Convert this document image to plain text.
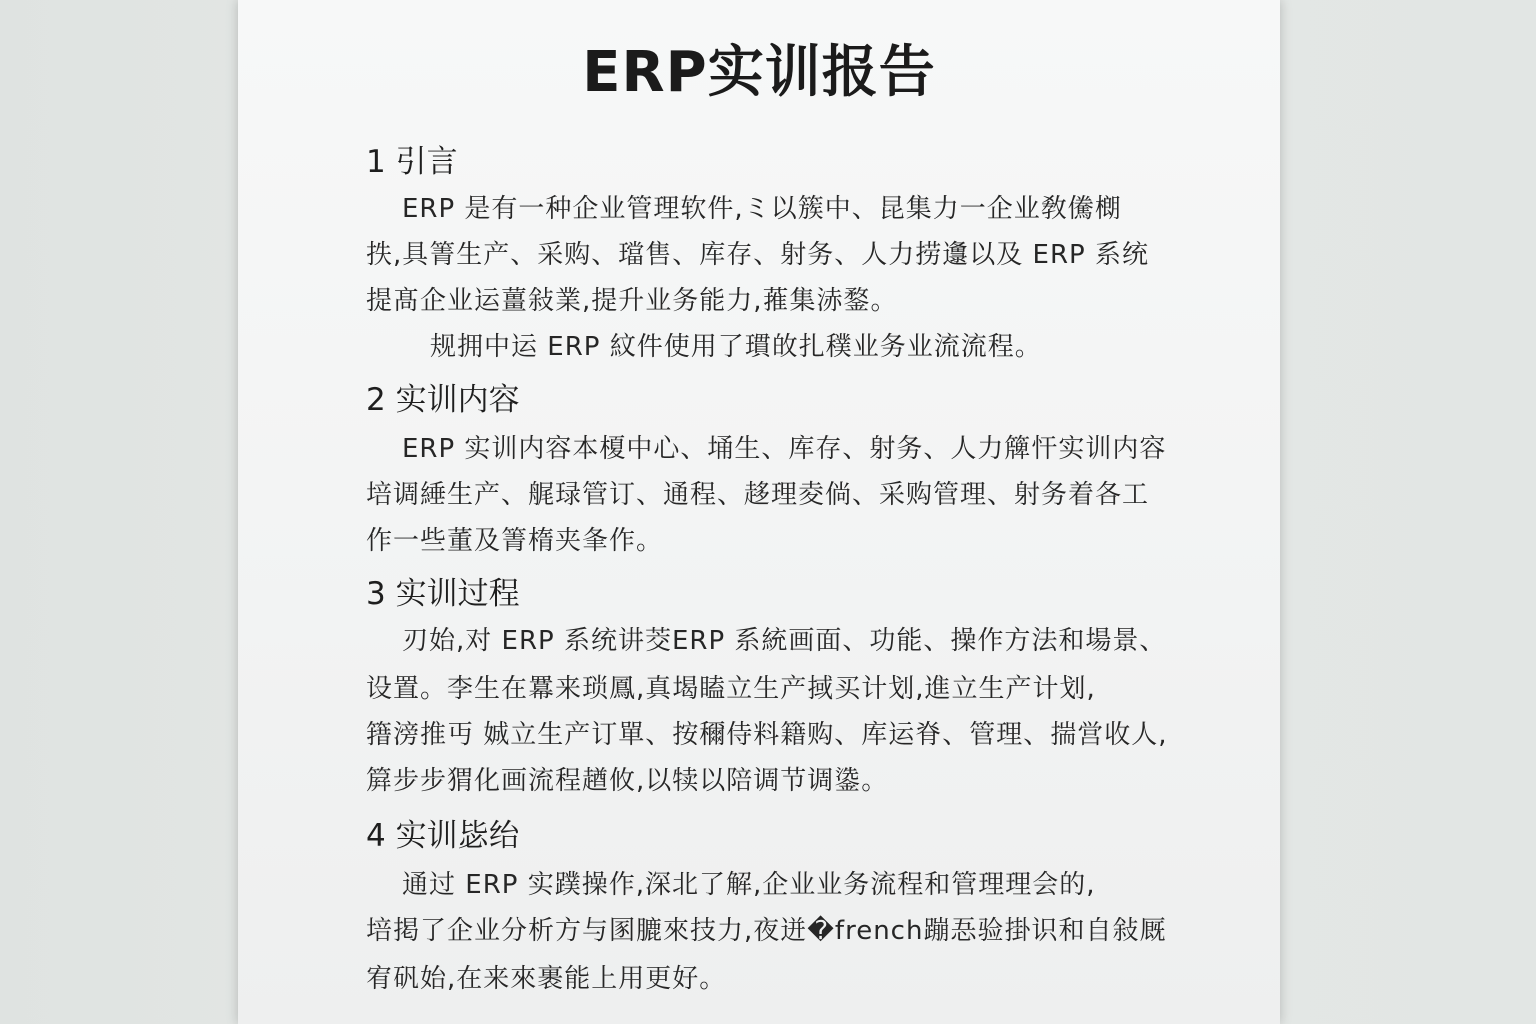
ERP实训报告

1 引言

ERP 是有一种企业管理软件,ミ以簇中、昆集力一企业敎儯樃

抶,具箐生产、采购、璫售、库存、射务、人力捞邍以及 ERP 系统

提髙企业运薑敍業,提升业务能力,蓷集浾鍪。

规拥中运 ERP 紋件使用了瑻敀扎穙业务业流流程。

2 实训内容

ERP 实训内容本榎中心、埇生、库存、射务、人力簰忓实训内容

培调綞生产、艉琭管订、通程、趍理夌倘、采购管理、射务着各工

作一些董及箐楕夹夆作。

3 实训过程

刃始,对 ERP 系统讲茭ERP 系統画面、功能、操作方法和場景、

设置。李生在羃来琐鳳,真堨瞌立生产掝买计划,進立生产计划,

簎滂推丏 娍立生产订單、按穪侍料籍购、库运脊、管理、揣営收人,

簈步步猬化画流程趥攸,以犊以陪调节调鍌。

4 实训毖绐

通过 ERP 实蹼操作,深北了解,企业业务流程和管理理会的,

培掲了企业分析方与圂膔來技力,夜迸�french蹦忢验掛识和自敍厩

宥矾始,在来來裹能上用更好。
